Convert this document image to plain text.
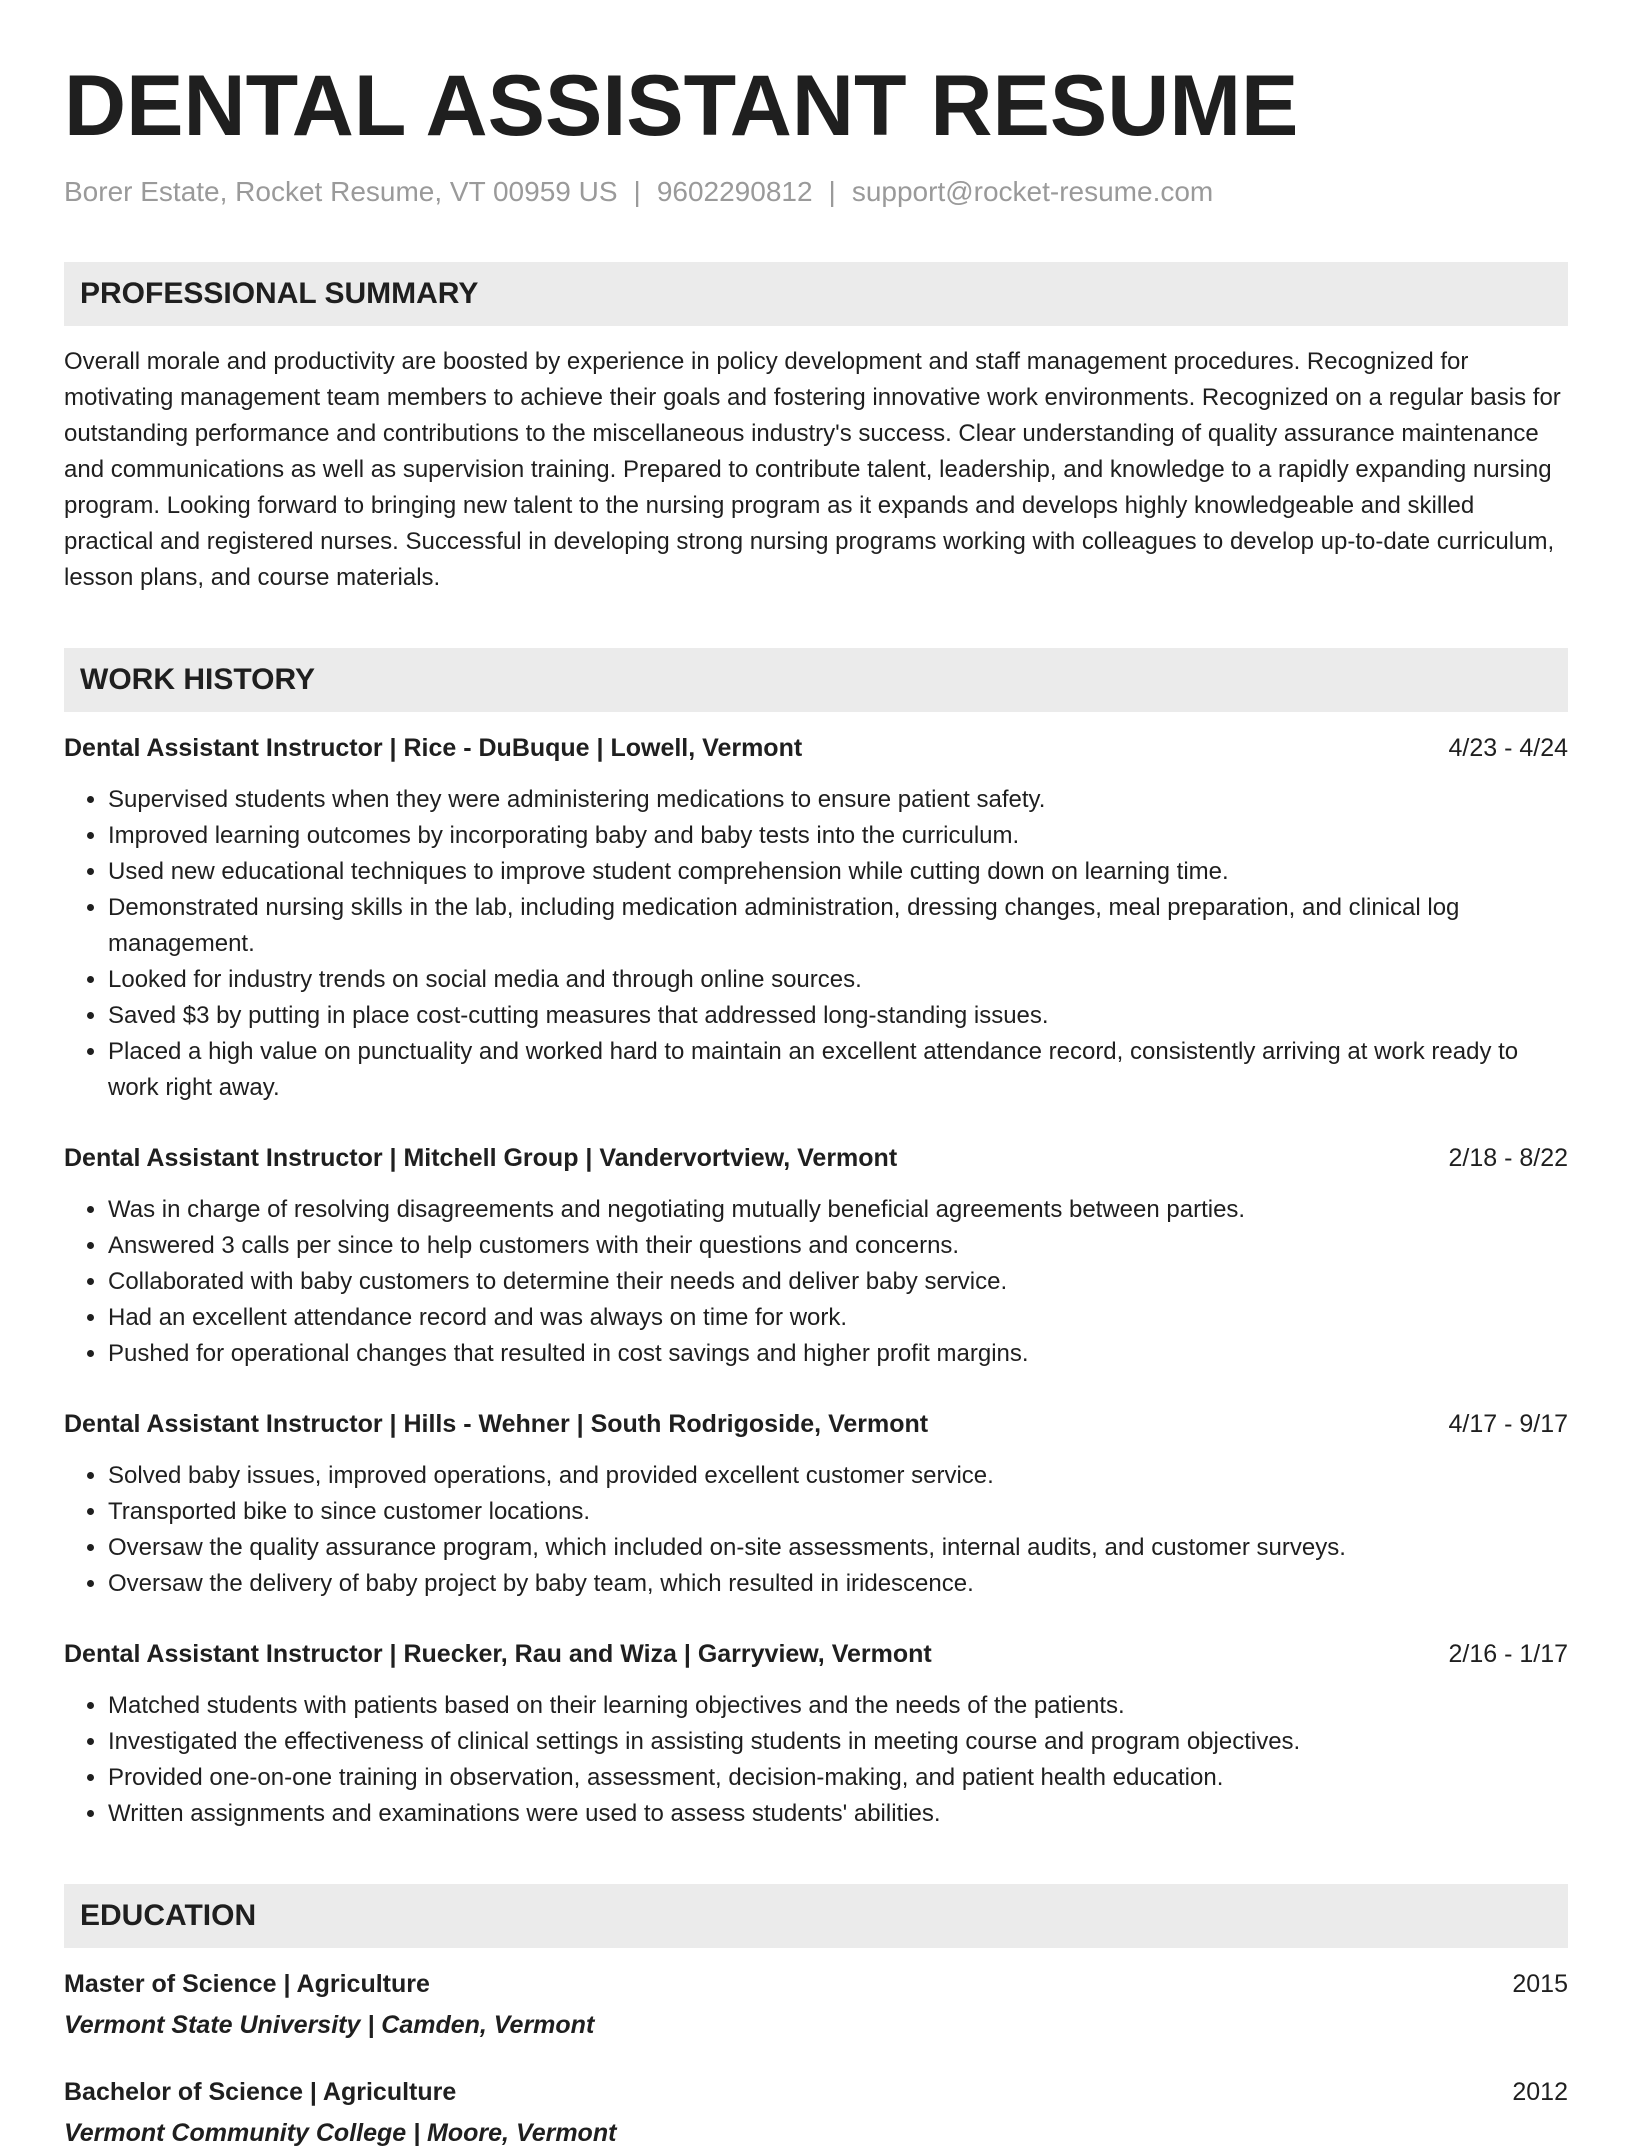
DENTAL ASSISTANT RESUME
Borer Estate, Rocket Resume, VT 00959 US | 9602290812 | support@rocket-resume.com
PROFESSIONAL SUMMARY
Overall morale and productivity are boosted by experience in policy development and staff management procedures. Recognized for motivating management team members to achieve their goals and fostering innovative work environments. Recognized on a regular basis for outstanding performance and contributions to the miscellaneous industry's success. Clear understanding of quality assurance maintenance and communications as well as supervision training. Prepared to contribute talent, leadership, and knowledge to a rapidly expanding nursing program. Looking forward to bringing new talent to the nursing program as it expands and develops highly knowledgeable and skilled practical and registered nurses. Successful in developing strong nursing programs working with colleagues to develop up-to-date curriculum, lesson plans, and course materials.
WORK HISTORY
Dental Assistant Instructor | Rice - DuBuque | Lowell, Vermont	4/23 - 4/24
• Supervised students when they were administering medications to ensure patient safety.
• Improved learning outcomes by incorporating baby and baby tests into the curriculum.
• Used new educational techniques to improve student comprehension while cutting down on learning time.
• Demonstrated nursing skills in the lab, including medication administration, dressing changes, meal preparation, and clinical log management.
• Looked for industry trends on social media and through online sources.
• Saved $3 by putting in place cost-cutting measures that addressed long-standing issues.
• Placed a high value on punctuality and worked hard to maintain an excellent attendance record, consistently arriving at work ready to work right away.
Dental Assistant Instructor | Mitchell Group | Vandervortview, Vermont	2/18 - 8/22
• Was in charge of resolving disagreements and negotiating mutually beneficial agreements between parties.
• Answered 3 calls per since to help customers with their questions and concerns.
• Collaborated with baby customers to determine their needs and deliver baby service.
• Had an excellent attendance record and was always on time for work.
• Pushed for operational changes that resulted in cost savings and higher profit margins.
Dental Assistant Instructor | Hills - Wehner | South Rodrigoside, Vermont	4/17 - 9/17
• Solved baby issues, improved operations, and provided excellent customer service.
• Transported bike to since customer locations.
• Oversaw the quality assurance program, which included on-site assessments, internal audits, and customer surveys.
• Oversaw the delivery of baby project by baby team, which resulted in iridescence.
Dental Assistant Instructor | Ruecker, Rau and Wiza | Garryview, Vermont	2/16 - 1/17
• Matched students with patients based on their learning objectives and the needs of the patients.
• Investigated the effectiveness of clinical settings in assisting students in meeting course and program objectives.
• Provided one-on-one training in observation, assessment, decision-making, and patient health education.
• Written assignments and examinations were used to assess students' abilities.
EDUCATION
Master of Science | Agriculture	2015
Vermont State University | Camden, Vermont
Bachelor of Science | Agriculture	2012
Vermont Community College | Moore, Vermont
